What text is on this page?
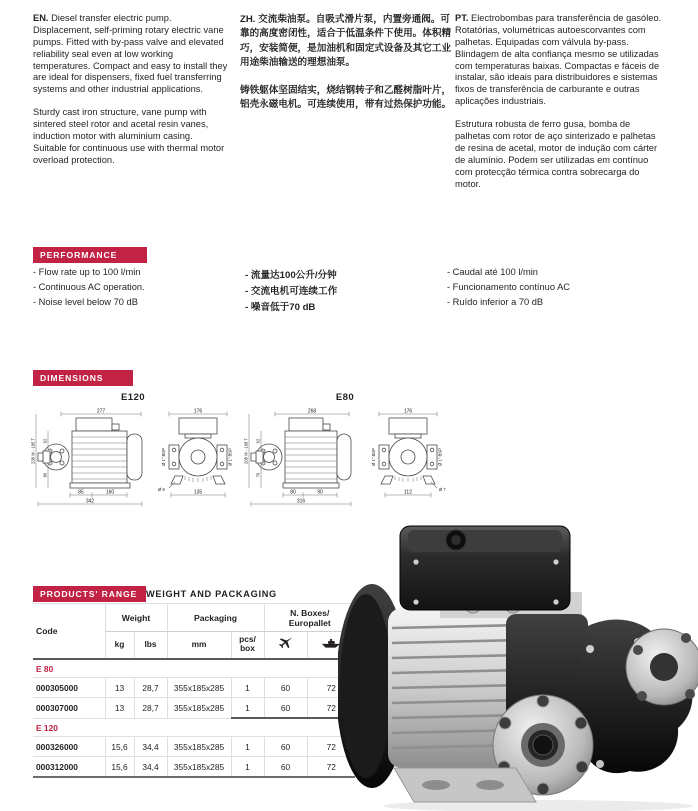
EN. Diesel transfer electric pump. Displacement, self-priming rotary electric vane pumps. Fitted with by-pass valve and elevated reliability seal even at low working temperatures. Compact and easy to install they are ideal for dispensers, fixed fuel transferring systems and other industrial applications.

Sturdy cast iron structure, vane pump with sintered steel rotor and acetal resin vanes, induction motor with aluminium casing. Suitable for continuous use with thermal motor overload protection.

ZH. 交流柴油泵。自吸式滑片泵，内置旁通阀。可靠的高度密闭性，适合于低温条件下使用。体积精巧，安装简便，是加油机和固定式设备及其它工业用途柴油输送的理想油泵。

铸铁躯体坚固结实，烧结钢转子和乙醛树脂叶片，铝壳永磁电机。可连续使用，带有过热保护功能。

PT. Electrobombas para transferência de gasóleo. Rotatórias, volumétricas autoescorvantes com palhetas. Equipadas com válvula by-pass. Blindagem de alta confiança mesmo se utilizadas com temperaturas baixas. Compactas e fáceis de instalar, são ideais para distribuidores e sistemas fixos de transferência de carburante e outras aplicações industriais.

Estrutura robusta de ferro gusa, bomba de palhetas com rotor de aço sinterizado e palhetas de resina de acetal, motor de indução com cárter de alumínio. Podem ser utilizadas em contínuo com protecção térmica contra sobrecarga do motor.

PERFORMANCE
- Flow rate up to 100 l/min
- Continuous AC operation.
- Noise level below 70 dB
- 流量达100公升/分钟
- 交流电机可连续工作
- 噪音低于70 dB
- Caudal até 100 l/min
- Funcionamento contínuo AC
- Ruído inferior a 70 dB
DIMENSIONS
E120	E80
277
85	160
342
238 M - 195 T 62
86
176
135
Ø 1" BSP	Ø 1" BSP
Ø 9
268
80	90
316
208 M - 168 T 62
76
176
112
Ø 1" BSP	Ø 1" BSP
Ø 7
PRODUCTS' RANGE WEIGHT AND PACKAGING
Code	Weight		Packaging		N. Boxes/
Europallet	
	kg	lbs	mm	pcs/
box		
E 80						
000305000	13	28,7	355x185x285	1	60	72
000307000	13	28,7	355x185x285	1	60	72
E 120						
000326000	15,6	34,4	355x185x285	1	60	72
000312000	15,6	34,4	355x185x285	1	60	72
